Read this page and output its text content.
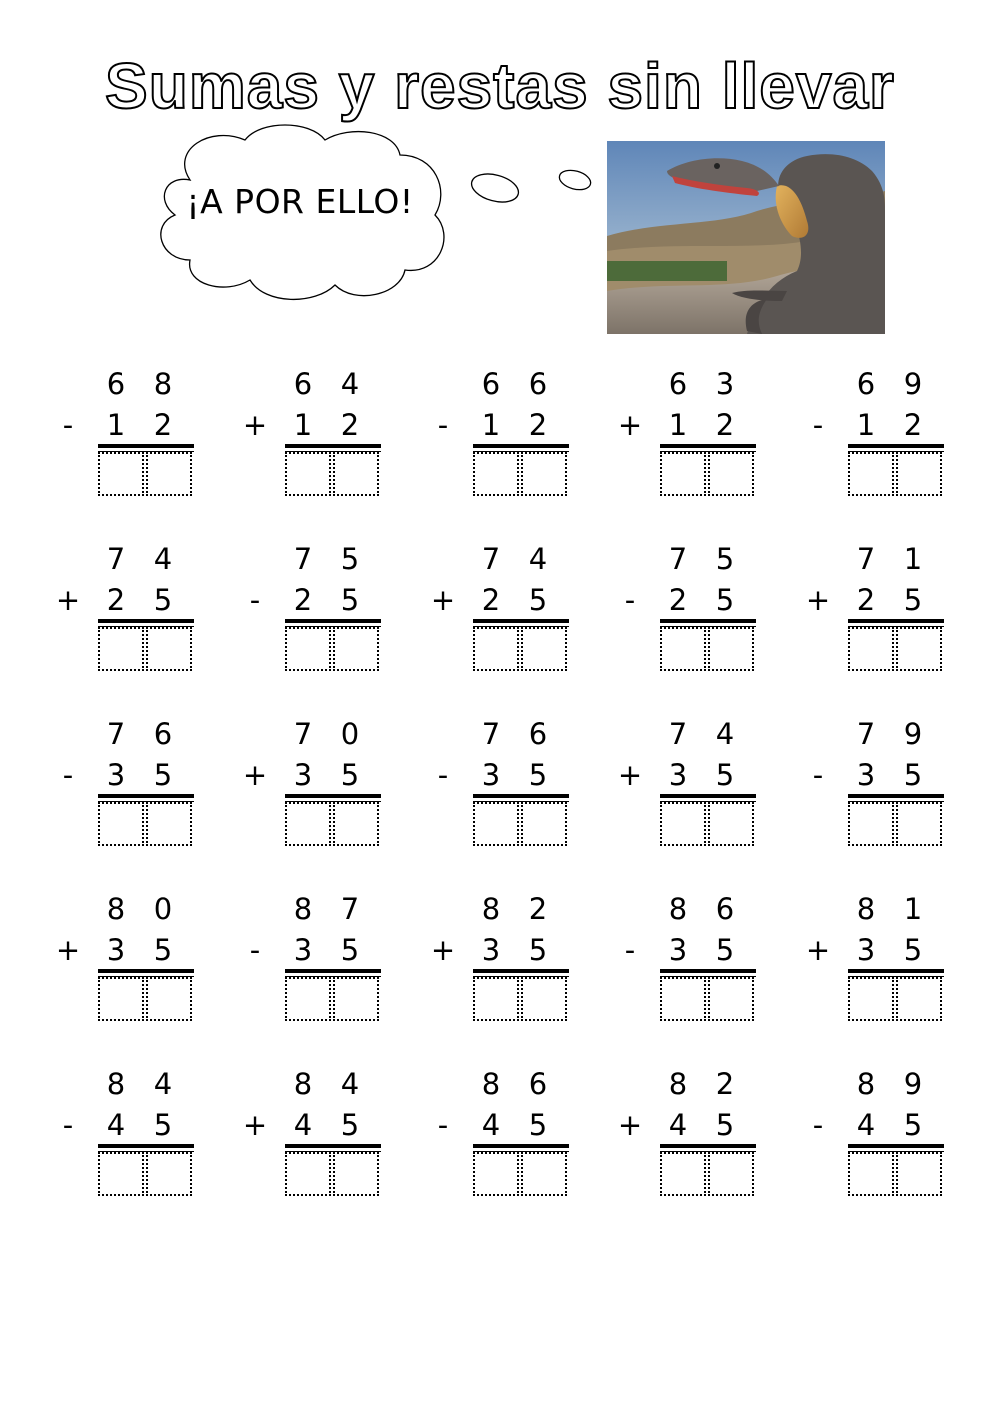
Sumas y restas sin llevar
¡A POR ELLO!
6 8
-	1 2
6 4
+ 1 2
6 6
-	1 2
6 3
+ 1 2
6 9
-	1 2
7 4
+ 2 5
7 5
-	2 5
7 4
+ 2 5
7 5
-	2 5
7 1
+ 2 5
7 6
-	3 5
7 0
+ 3 5
7 6
-	3 5
7 4
+ 3 5
7 9
-	3 5
8 0
+ 3 5
8 7
-	3 5
8 2
+ 3 5
8 6
-	3 5
8 1
+ 3 5
8 4
-	4 5
8 4
+ 4 5
8 6
-	4 5
8 2
+ 4 5
8 9
-	4 5
